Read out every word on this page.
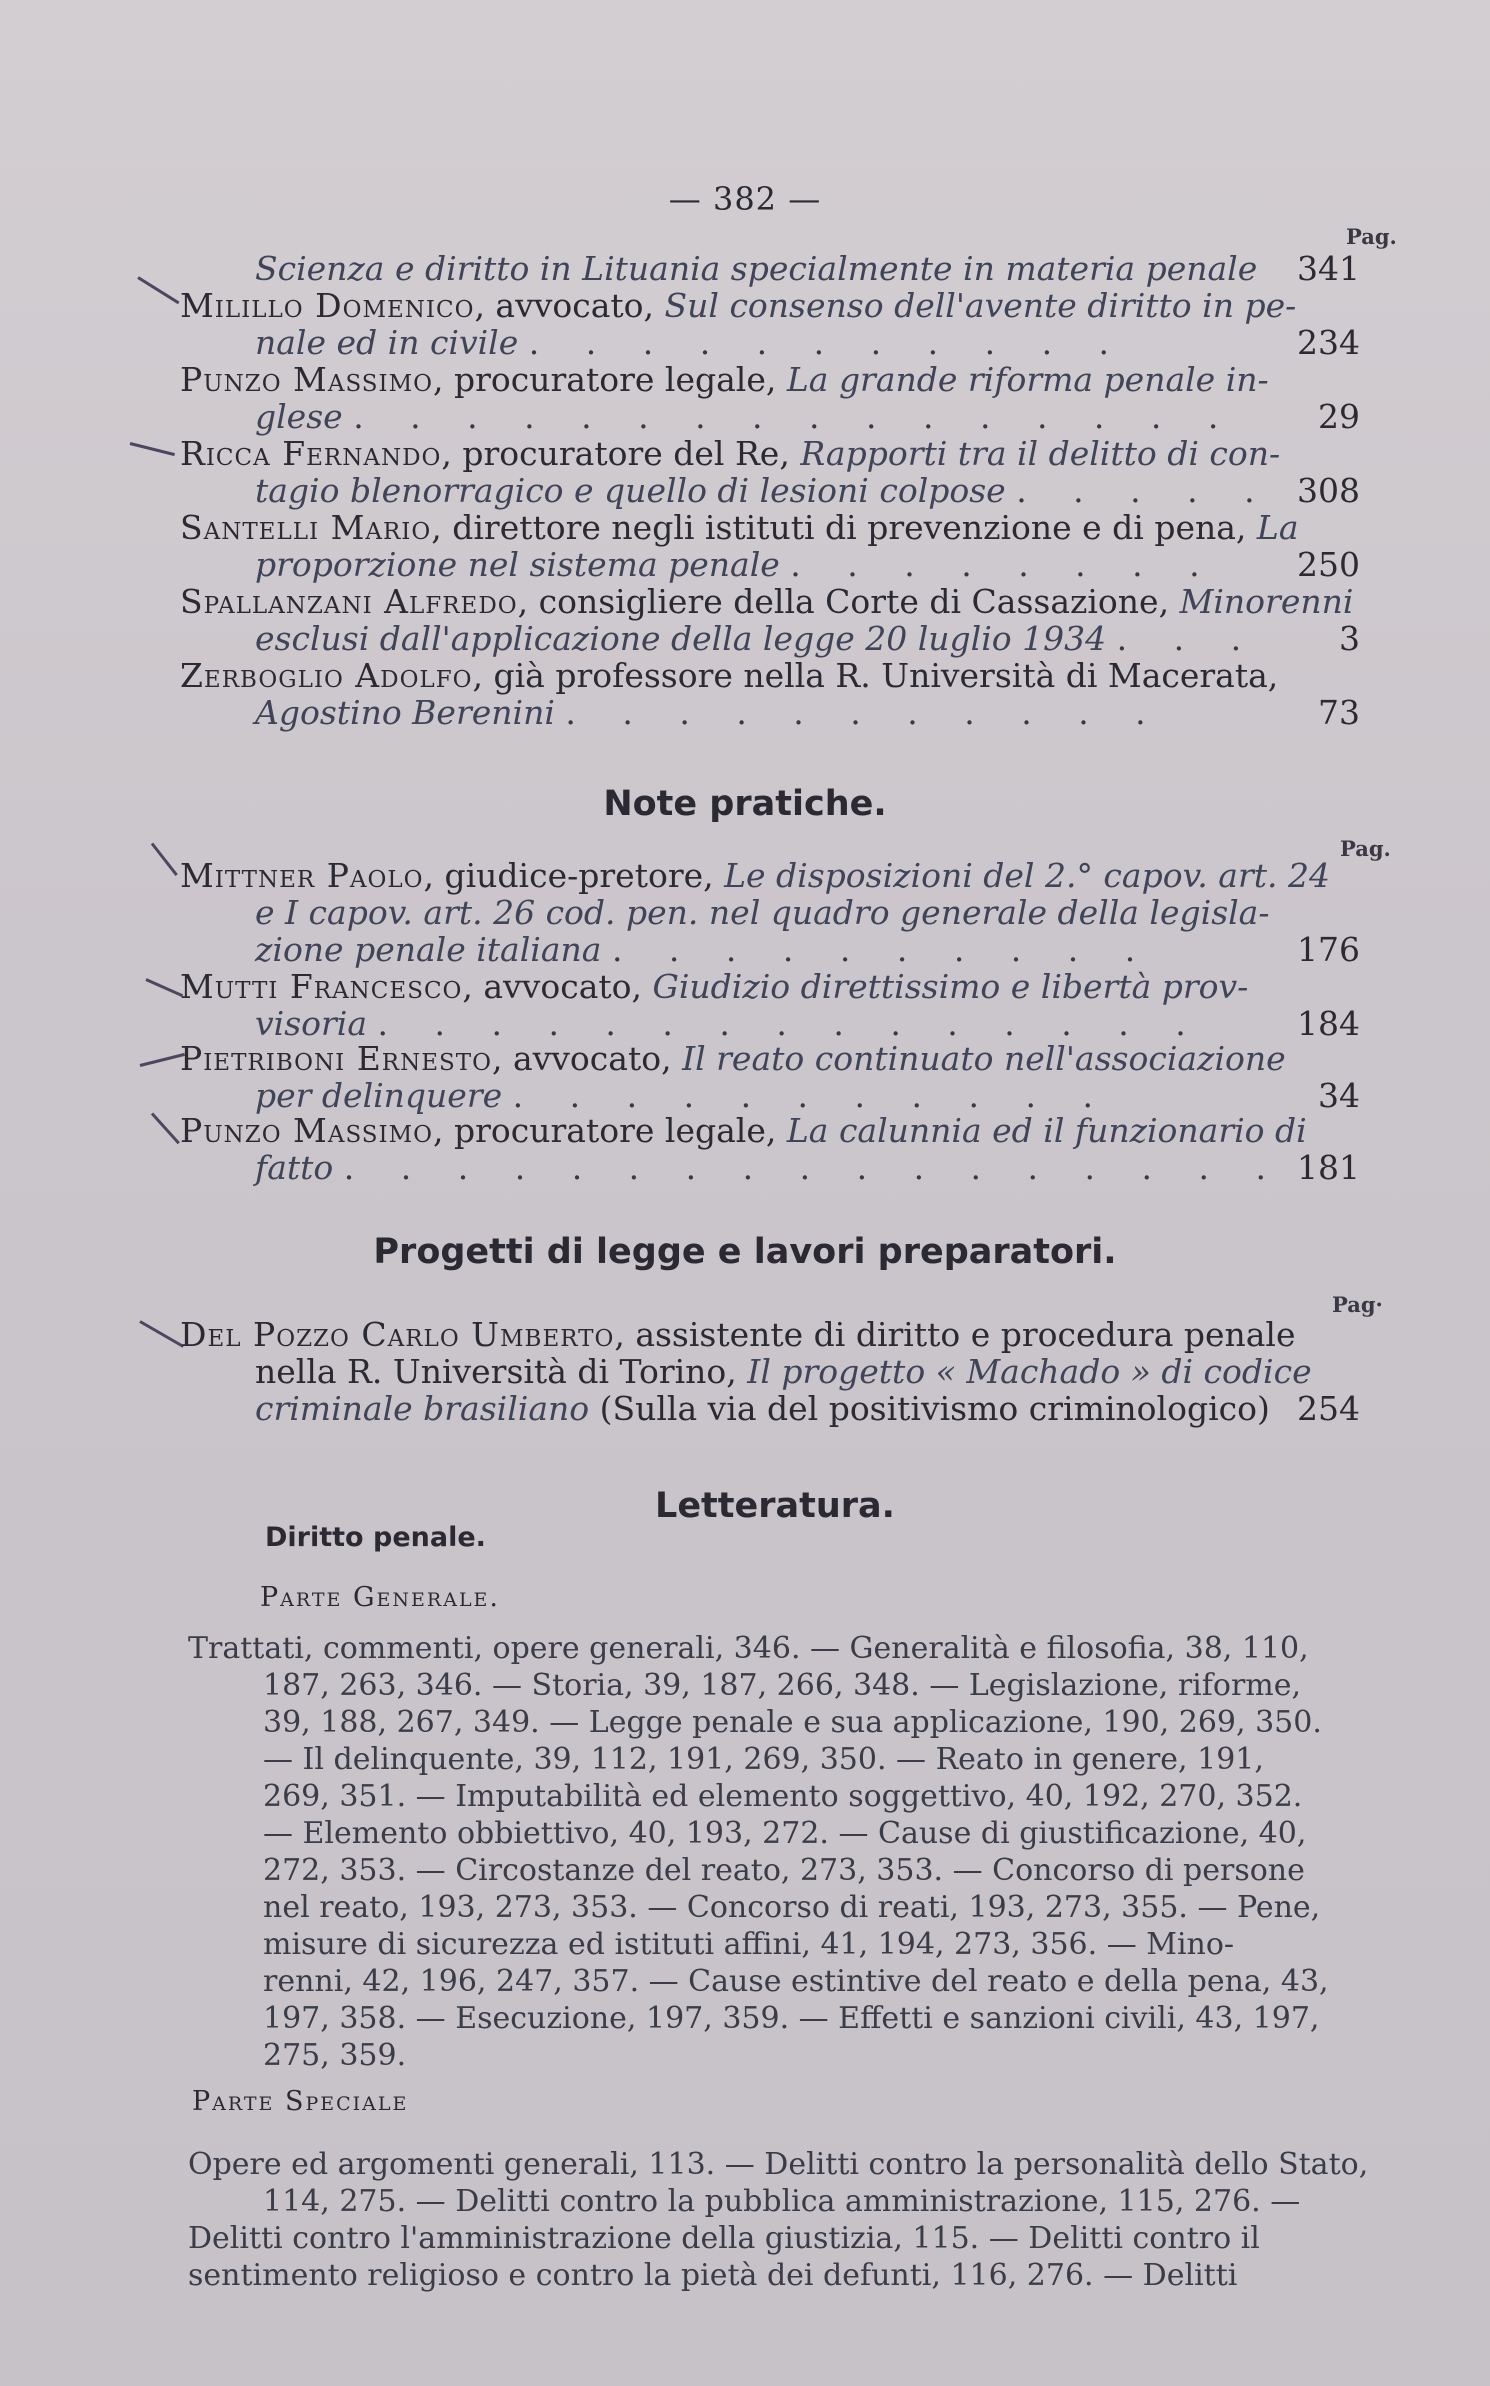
— 382 —
Pag.
Scienza e diritto in Lituania specialmente in materia penale 341
Milillo Domenico, avvocato, Sul consenso dell'avente diritto in pe-
nale ed in civile . . . . . . . . . . .	234
Punzo Massimo, procuratore legale, La grande riforma penale in-
glese . . . . . . . . . . . . . . . . 29
Ricca Fernando, procuratore del Re, Rapporti tra il delitto di con-
tagio blenorragico e quello di lesioni colpose . . . . . 308
Santelli Mario, direttore negli istituti di prevenzione e di pena, La
proporzione nel sistema penale . . . . . . . . 250
Spallanzani Alfredo, consigliere della Corte di Cassazione, Minorenni
esclusi dall'applicazione della legge 20 luglio 1934 . . . 3
Zerboglio Adolfo, già professore nella R. Università di Macerata,
Agostino Berenini . . . . . . . . . . .	73
Note pratiche.
Pag.
Mittner Paolo, giudice-pretore, Le disposizioni del 2.° capov. art. 24
e I capov. art. 26 cod. pen. nel quadro generale della legisla-
zione penale italiana . . . . . . . . . .	176
Mutti Francesco, avvocato, Giudizio direttissimo e libertà prov-
visoria . . . . . . . . . . . . . . .	184
Pietriboni Ernesto, avvocato, Il reato continuato nell'associazione
per delinquere . . . . . . . . . . .	34
Punzo Massimo, procuratore legale, La calunnia ed il funzionario di
fatto . . . . . . . . . . . . . . . . . 181
Progetti di legge e lavori preparatori.
Pag·
Del Pozzo Carlo Umberto, assistente di diritto e procedura penale
nella R. Università di Torino, Il progetto « Machado » di codice
criminale brasiliano (Sulla via del positivismo criminologico) 254
Letteratura.
Diritto penale.
Parte Generale.
Trattati, commenti, opere generali, 346. — Generalità e filosofia, 38, 110,
187, 263, 346. — Storia, 39, 187, 266, 348. — Legislazione, riforme,
39, 188, 267, 349. — Legge penale e sua applicazione, 190, 269, 350.
— Il delinquente, 39, 112, 191, 269, 350. — Reato in genere, 191,
269, 351. — Imputabilità ed elemento soggettivo, 40, 192, 270, 352.
— Elemento obbiettivo, 40, 193, 272. — Cause di giustificazione, 40,
272, 353. — Circostanze del reato, 273, 353. — Concorso di persone
nel reato, 193, 273, 353. — Concorso di reati, 193, 273, 355. — Pene,
misure di sicurezza ed istituti affini, 41, 194, 273, 356. — Mino-
renni, 42, 196, 247, 357. — Cause estintive del reato e della pena, 43,
197, 358. — Esecuzione, 197, 359. — Effetti e sanzioni civili, 43, 197,
275, 359.
Parte Speciale
Opere ed argomenti generali, 113. — Delitti contro la personalità dello Stato,
114, 275. — Delitti contro la pubblica amministrazione, 115, 276. —
Delitti contro l'amministrazione della giustizia, 115. — Delitti contro il
sentimento religioso e contro la pietà dei defunti, 116, 276. — Delitti
